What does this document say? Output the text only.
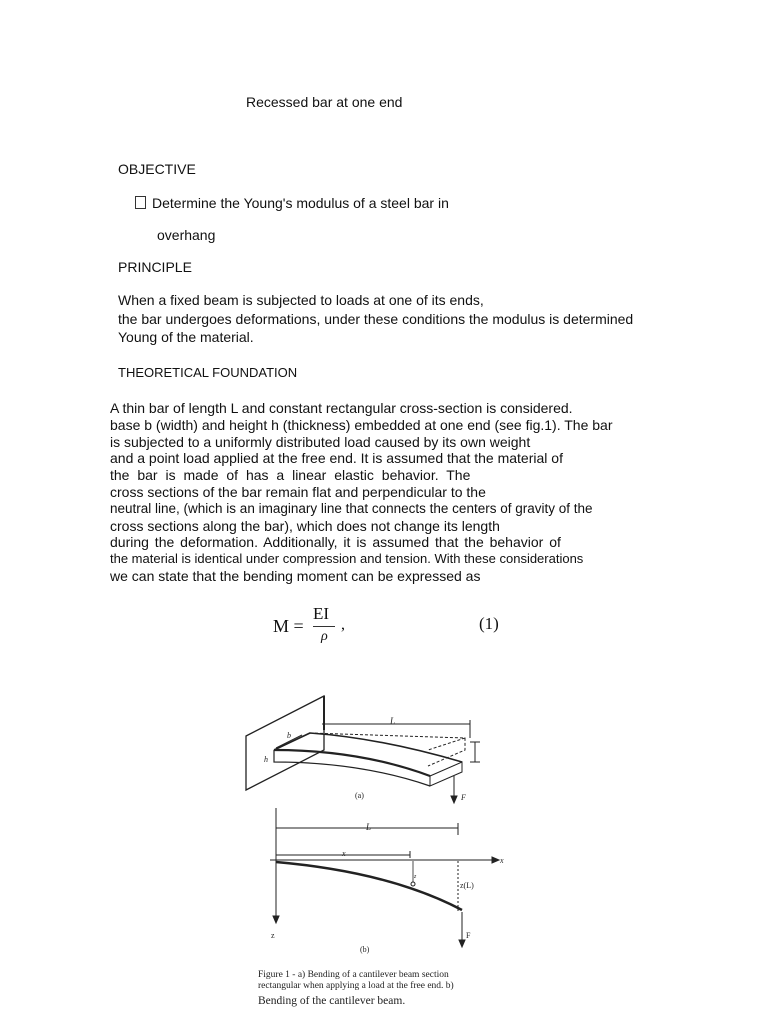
Recessed bar at one end
OBJECTIVE
Determine the Young's modulus of a steel bar in
overhang
PRINCIPLE
When a fixed beam is subjected to loads at one of its ends,
the bar undergoes deformations, under these conditions the modulus is determined
Young of the material.
THEORETICAL FOUNDATION
A thin bar of length L and constant rectangular cross-section is considered.
base b (width) and height h (thickness) embedded at one end (see fig.1). The bar
is subjected to a uniformly distributed load caused by its own weight
and a point load applied at the free end. It is assumed that the material of
the bar is made of has a linear elastic behavior. The
cross sections of the bar remain flat and perpendicular to the
neutral line, (which is an imaginary line that connects the centers of gravity of the
cross sections along the bar), which does not change its length
during the deformation. Additionally, it is assumed that the behavior of
the material is identical under compression and tension. With these considerations
we can state that the bending moment can be expressed as
M =
EI
ρ
,	(1)
L
b
h
F
(a)
L
x
x
z
z(L)
z	F
(b)
Figure 1 - a) Bending of a cantilever beam section
rectangular when applying a load at the free end. b)
Bending of the cantilever beam.
